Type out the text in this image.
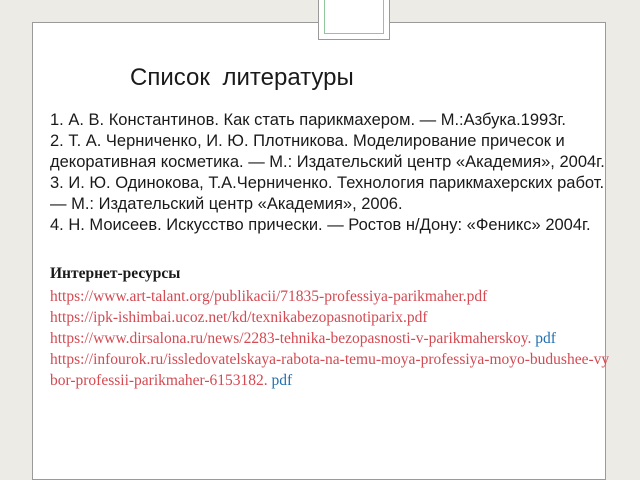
Список литературы

1. А. В. Константинов. Как стать парикмахером. — М.:Азбука.1993г.

2. Т. А. Черниченко, И. Ю. Плотникова. Моделирование причесок и декоративная косметика. — М.: Издательский центр «Академия», 2004г.

3. И. Ю. Одинокова, Т.А.Черниченко. Технология парикмахерских работ. — М.: Издательский центр «Академия», 2006.

4. Н. Моисеев. Искусство прически. — Ростов н/Дону: «Феникс» 2004г.

Интернет-ресурсы

https://www.art-talant.org/publikacii/71835-professiya-parikmaher.pdf
https://ipk-ishimbai.ucoz.net/kd/texnikabezopasnotiparix.pdf
https://www.dirsalona.ru/news/2283-tehnika-bezopasnosti-v-parikmaherskoy. pdf
https://infourok.ru/issledovatelskaya-rabota-na-temu-moya-professiya-moyo-budushee-vybor-professii-parikmaher-6153182. pdf
